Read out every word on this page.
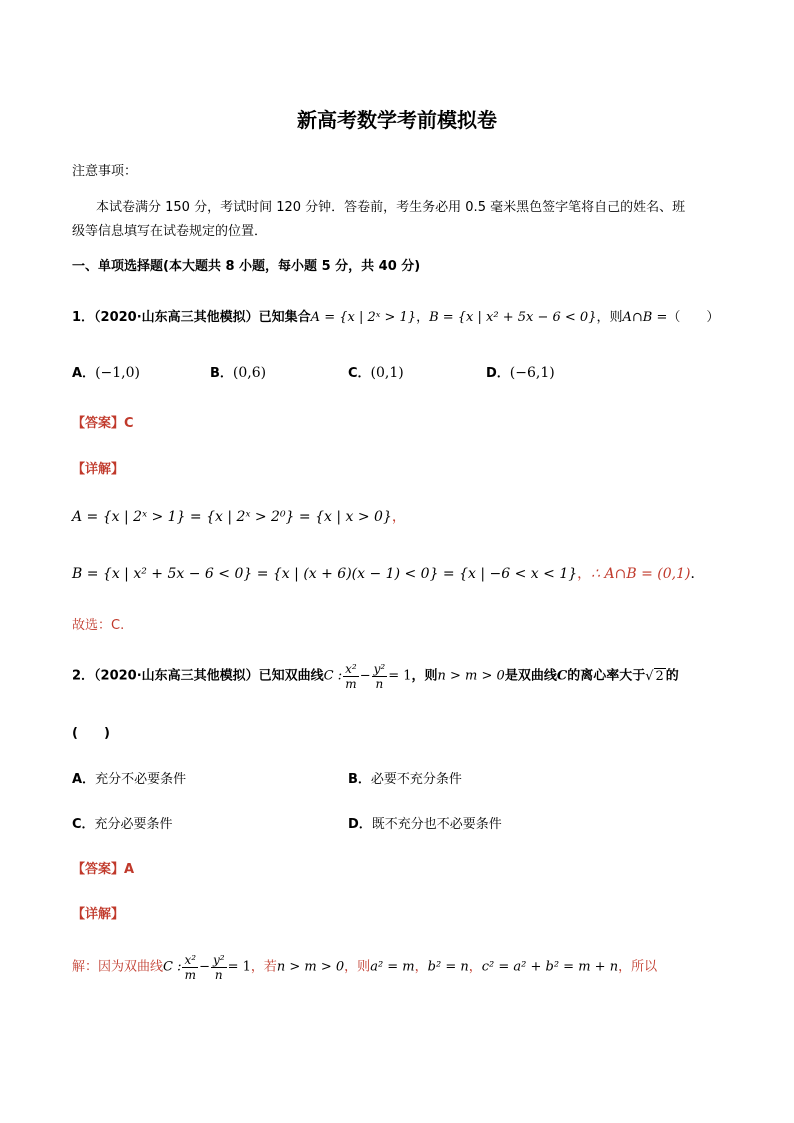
新高考数学考前模拟卷
注意事项：
本试卷满分 150 分，考试时间 120 分钟．答卷前，考生务必用 0.5 毫米黑色签字笔将自己的姓名、班
级等信息填写在试卷规定的位置．
一、单项选择题(本大题共 8 小题，每小题 5 分，共 40 分)
1．（2020·山东高三其他模拟）已知集合A = {x | 2ˣ > 1}，B = {x | x² + 5x − 6 < 0}，则A∩B =（　　）
A．(−1,0)	B．(0,6)	C．(0,1)	D．(−6,1)
【答案】C
【详解】
A = {x | 2ˣ > 1} = {x | 2ˣ > 2⁰} = {x | x > 0}，
B = {x | x² + 5x − 6 < 0} = {x | (x + 6)(x − 1) < 0} = {x | −6 < x < 1}，∴ A∩B = (0,1)．
故选：C.
2．（2020·山东高三其他模拟）已知双曲线C : $\frac{\text{x²}}{m} - \frac{\text{y²}}{n} = 1$，则n > m > 0是双曲线C的离心率大于√ 2 的
(　　)
A．充分不必要条件	B．必要不充分条件
C．充分必要条件	D．既不充分也不必要条件
【答案】A
【详解】
解：因为双曲线C : $\frac{\text{x²}}{m} - \frac{\text{y²}}{n} = 1$，若n > m > 0，则a² = m，b² = n，c² = a² + b² = m + n，所以
